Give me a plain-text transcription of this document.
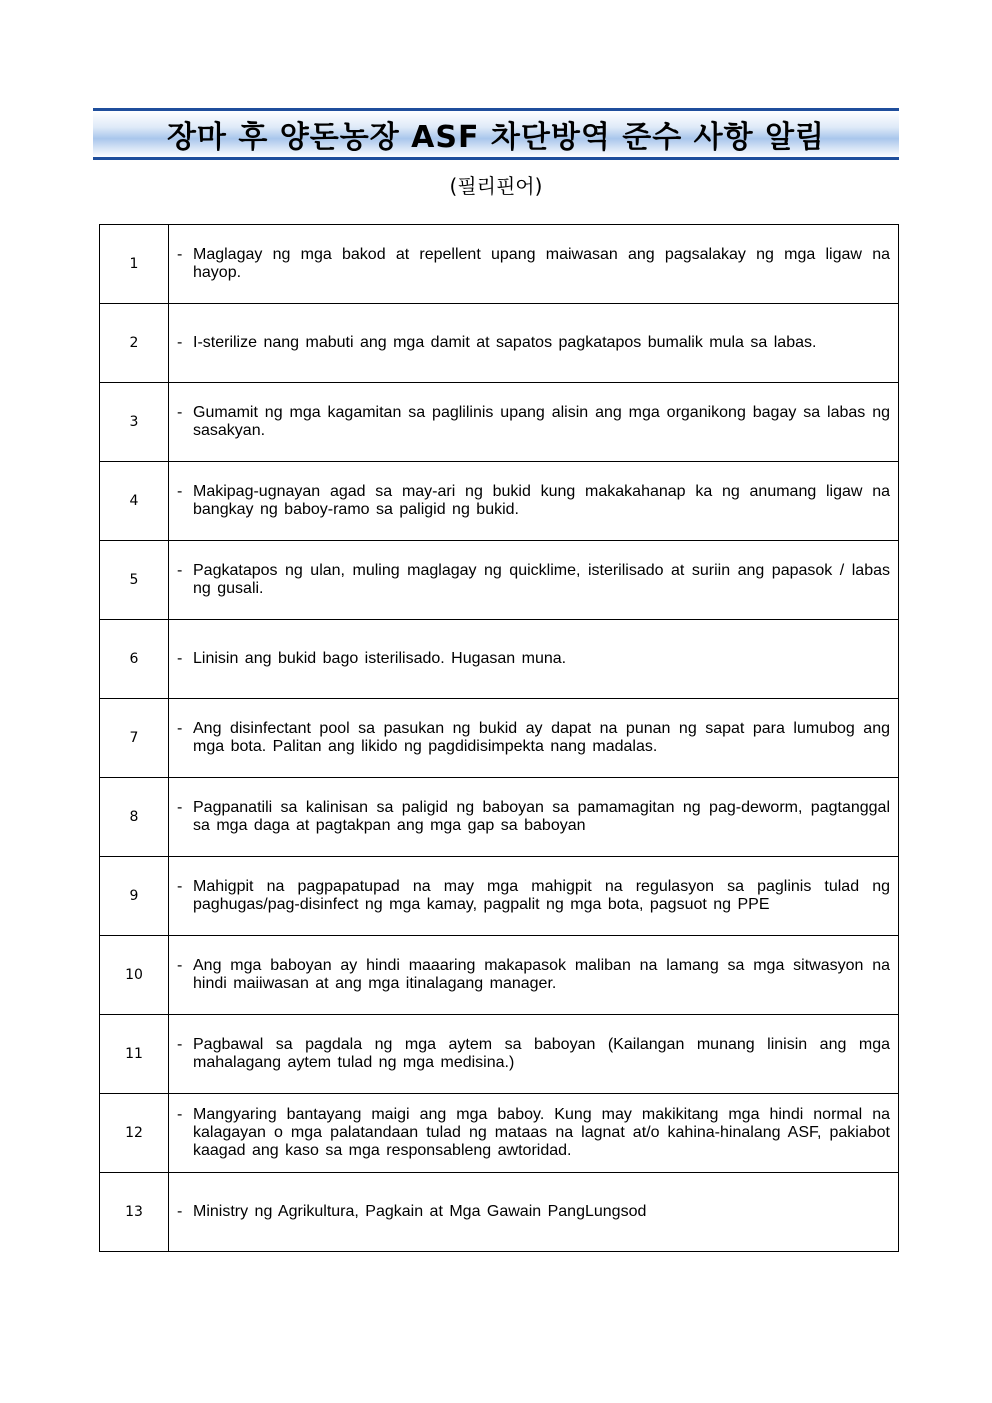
장마 후 양돈농장 ASF 차단방역 준수 사항 알림
(필리핀어)
1	- Maglagay ng mga bakod at repellent upang maiwasan ang pagsalakay ng mga ligaw na hayop.

2	- I-sterilize nang mabuti ang mga damit at sapatos pagkatapos bumalik mula sa labas.

3	- Gumamit ng mga kagamitan sa paglilinis upang alisin ang mga organikong bagay sa labas ng sasakyan.

4	- Makipag-ugnayan agad sa may-ari ng bukid kung makakahanap ka ng anumang ligaw na bangkay ng baboy-ramo sa paligid ng bukid.

5	- Pagkatapos ng ulan, muling maglagay ng quicklime, isterilisado at suriin ang papasok / labas ng gusali.

6	- Linisin ang bukid bago isterilisado. Hugasan muna.

7	- Ang disinfectant pool sa pasukan ng bukid ay dapat na punan ng sapat para lumubog ang mga bota. Palitan ang likido ng pagdidisimpekta nang madalas.

8	- Pagpanatili sa kalinisan sa paligid ng baboyan sa pamamagitan ng pag-deworm, pagtanggal sa mga daga at pagtakpan ang mga gap sa baboyan

9	- Mahigpit na pagpapatupad na may mga mahigpit na regulasyon sa paglinis tulad ng paghugas/pag-disinfect ng mga kamay, pagpalit ng mga bota, pagsuot ng PPE

10	- Ang mga baboyan ay hindi maaaring makapasok maliban na lamang sa mga sitwasyon na hindi maiiwasan at ang mga itinalagang manager.

11	- Pagbawal sa pagdala ng mga aytem sa baboyan (Kailangan munang linisin ang mga mahalagang aytem tulad ng mga medisina.)

12	- Mangyaring bantayang maigi ang mga baboy. Kung may makikitang mga hindi normal na kalagayan o mga palatandaan tulad ng mataas na lagnat at/o kahina-hinalang ASF, pakiabot kaagad ang kaso sa mga responsableng awtoridad.

13	- Ministry ng Agrikultura, Pagkain at Mga Gawain PangLungsod
